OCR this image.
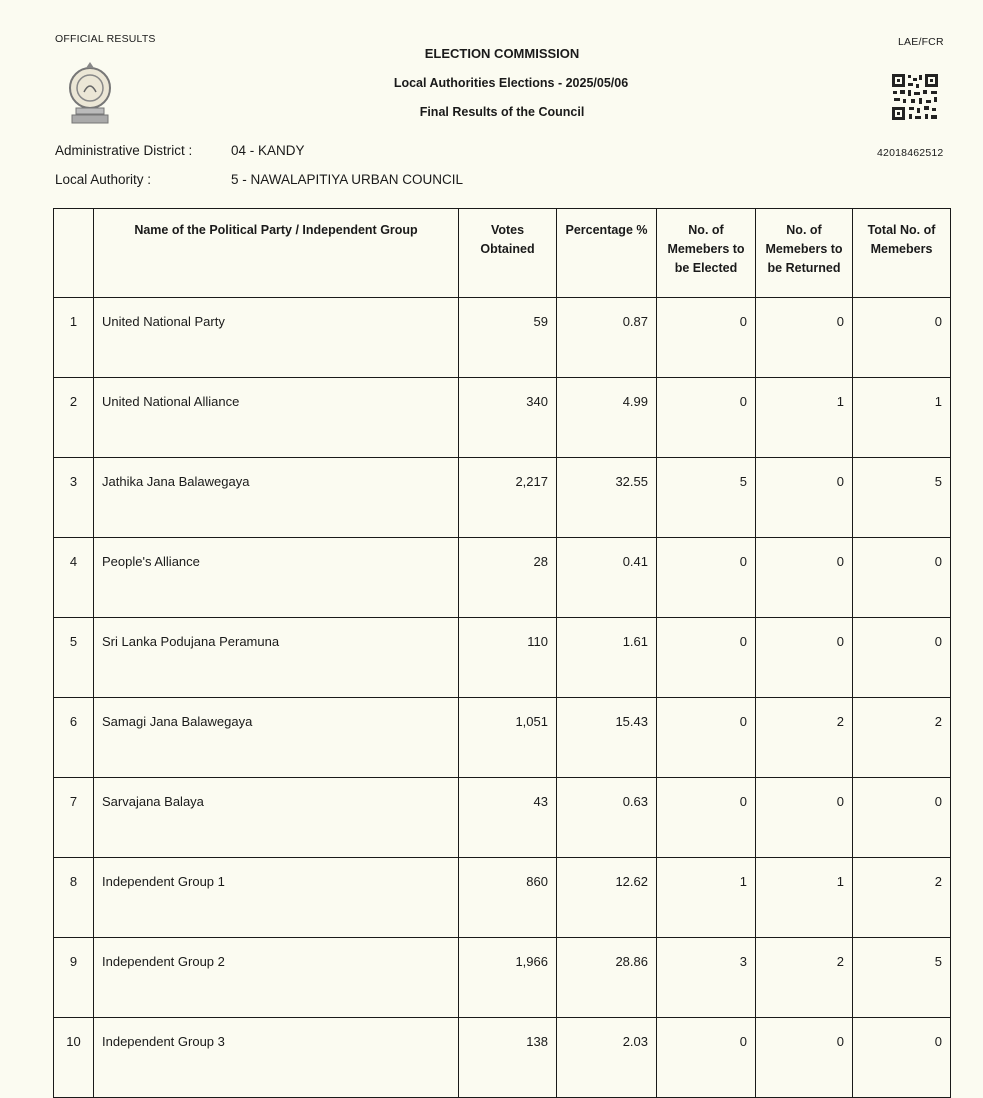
OFFICIAL RESULTS	LAE/FCR
ELECTION COMMISSION
Local Authorities Elections - 2025/05/06
Final Results of the Council
42018462512
Administrative District :	04 - KANDY
Local Authority :	5 - NAWALAPITIYA URBAN COUNCIL
	Name of the Political Party / Independent Group	Votes Obtained	Percentage %	No. of Memebers to be Elected	No. of Memebers to be Returned	Total No. of Memebers
1	United National Party	59	0.87	0	0	0
2	United National Alliance	340	4.99	0	1	1
3	Jathika Jana Balawegaya	2,217	32.55	5	0	5
4	People's Alliance	28	0.41	0	0	0
5	Sri Lanka Podujana Peramuna	110	1.61	0	0	0
6	Samagi Jana Balawegaya	1,051	15.43	0	2	2
7	Sarvajana Balaya	43	0.63	0	0	0
8	Independent Group 1	860	12.62	1	1	2
9	Independent Group 2	1,966	28.86	3	2	5
10	Independent Group 3	138	2.03	0	0	0
